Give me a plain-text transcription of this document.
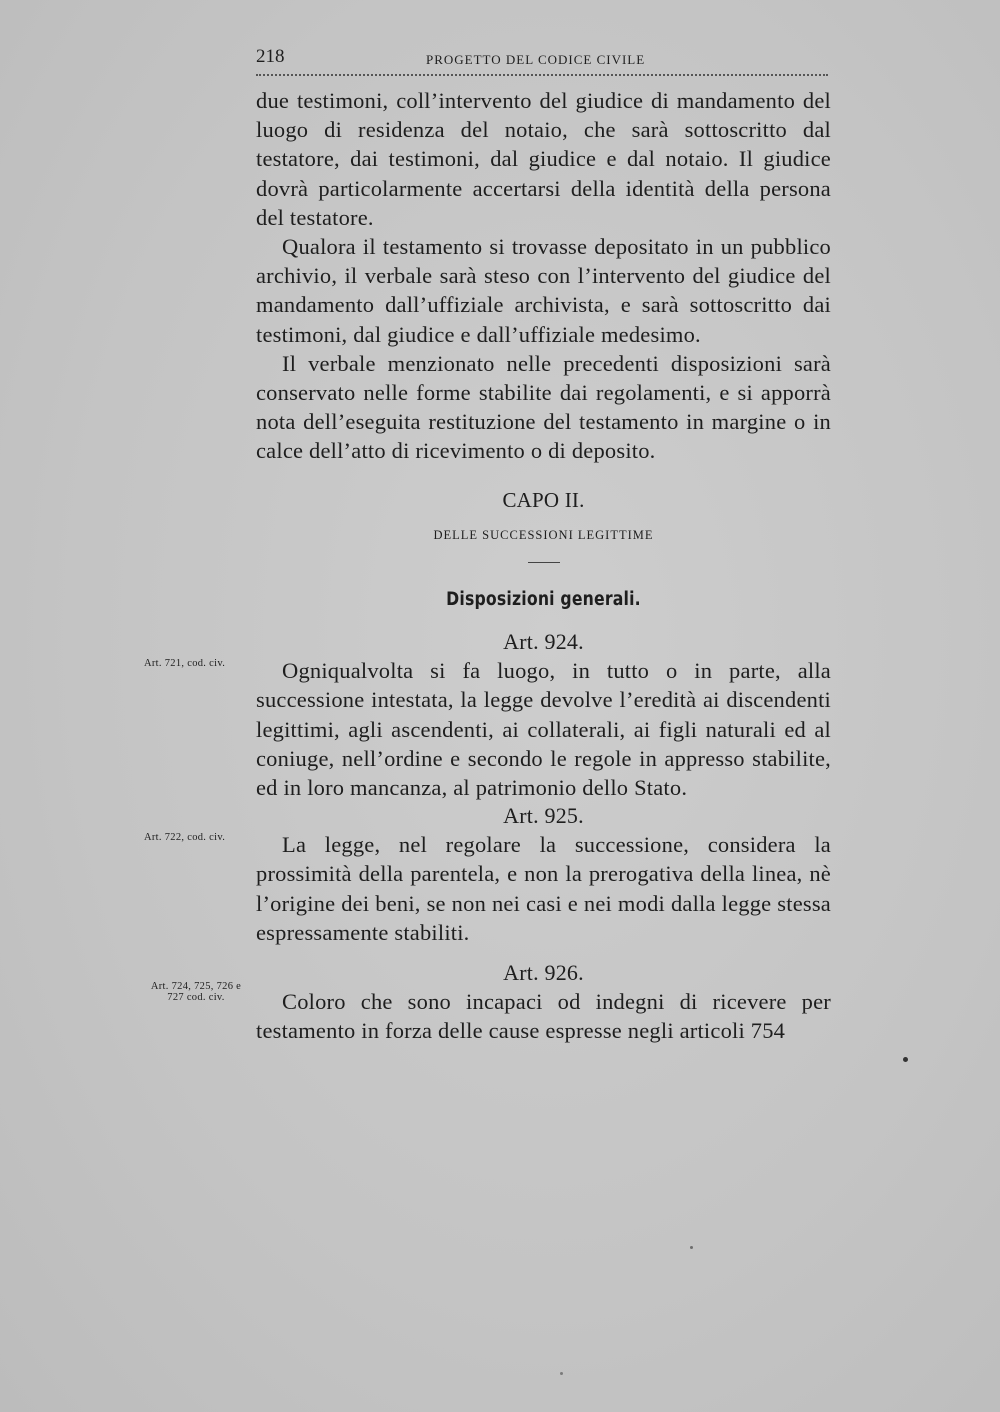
218	PROGETTO DEL CODICE CIVILE

due testimoni, coll’intervento del giudice di mandamento del luogo di residenza del notaio, che sarà sottoscritto dal testatore, dai testimoni, dal giudice e dal notaio. Il giudice dovrà particolarmente accertarsi della identità della persona del testatore.

Qualora il testamento si trovasse depositato in un pubblico archivio, il verbale sarà steso con l’intervento del giudice del mandamento dall’uffiziale archivista, e sarà sottoscritto dai testimoni, dal giudice e dall’uffiziale medesimo.

Il verbale menzionato nelle precedenti disposizioni sarà conservato nelle forme stabilite dai regolamenti, e si apporrà nota dell’eseguita restituzione del testamento in margine o in calce dell’atto di ricevimento o di deposito.

CAPO II.
DELLE SUCCESSIONI LEGITTIME
Disposizioni generali.
Art. 924.
Art. 721, cod. civ.	Ogniqualvolta si fa luogo, in tutto o in parte, alla successione intestata, la legge devolve l’eredità ai discendenti legittimi, agli ascendenti, ai collaterali, ai figli naturali ed al coniuge, nell’ordine e secondo le regole in appresso stabilite, ed in loro mancanza, al patrimonio dello Stato.

Art. 925.
Art. 722, cod. civ.	La legge, nel regolare la successione, considera la prossimità della parentela, e non la prerogativa della linea, nè l’origine dei beni, se non nei casi e nei modi dalla legge stessa espressamente stabiliti.

Art. 926.
Art. 724, 725, 726 e 727 cod. civ.	Coloro che sono incapaci od indegni di ricevere per testamento in forza delle cause espresse negli articoli 754
